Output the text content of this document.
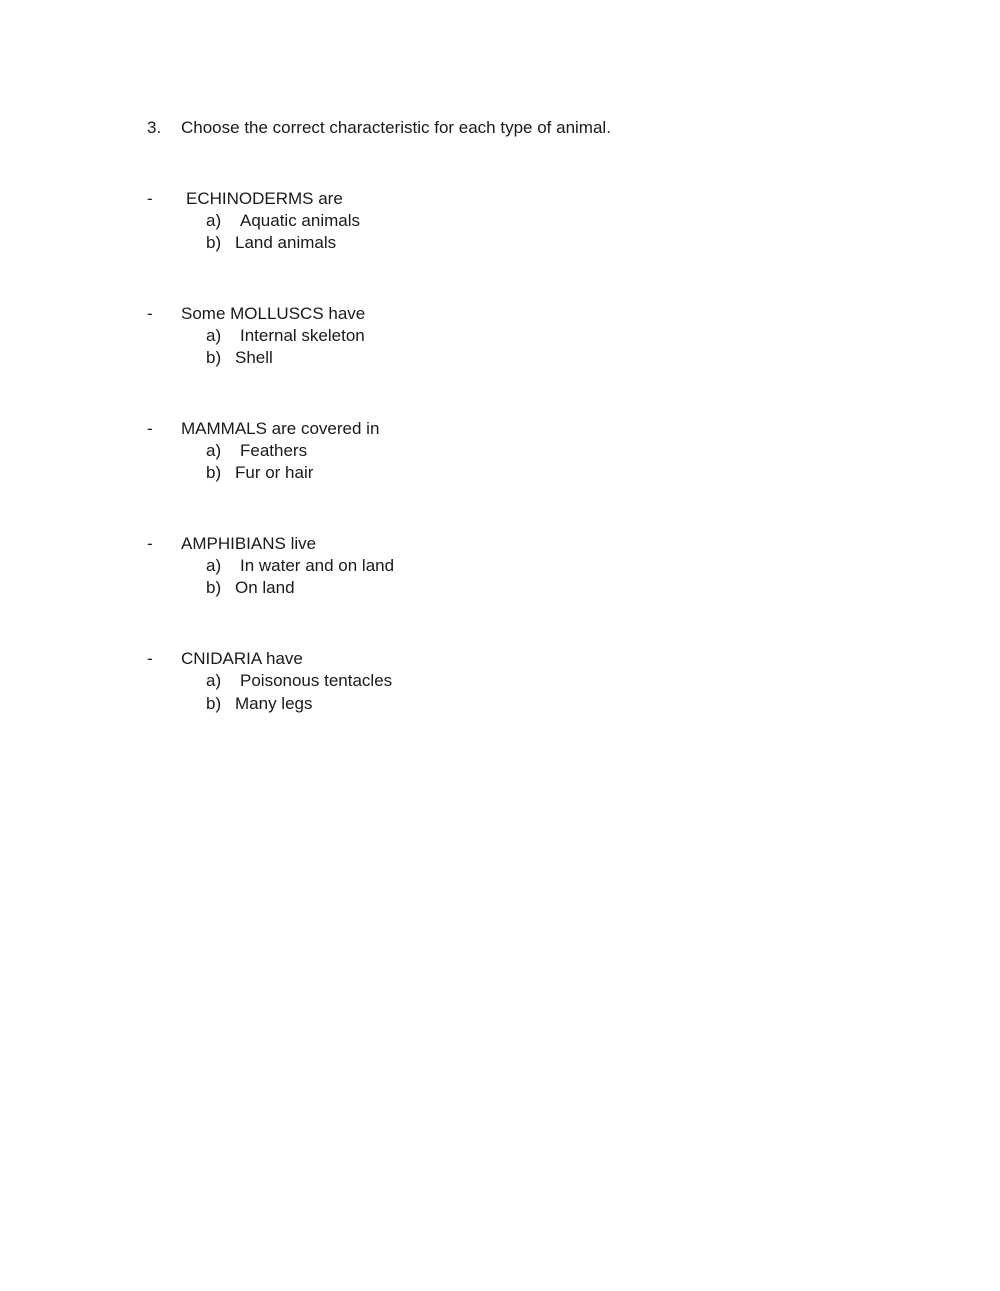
3. Choose the correct characteristic for each type of animal.
- ECHINODERMS are
a) Aquatic animals
b) Land animals
- Some MOLLUSCS have
a) Internal skeleton
b) Shell
- MAMMALS are covered in
a) Feathers
b) Fur or hair
- AMPHIBIANS live
a) In water and on land
b) On land
- CNIDARIA have
a) Poisonous tentacles
b) Many legs
